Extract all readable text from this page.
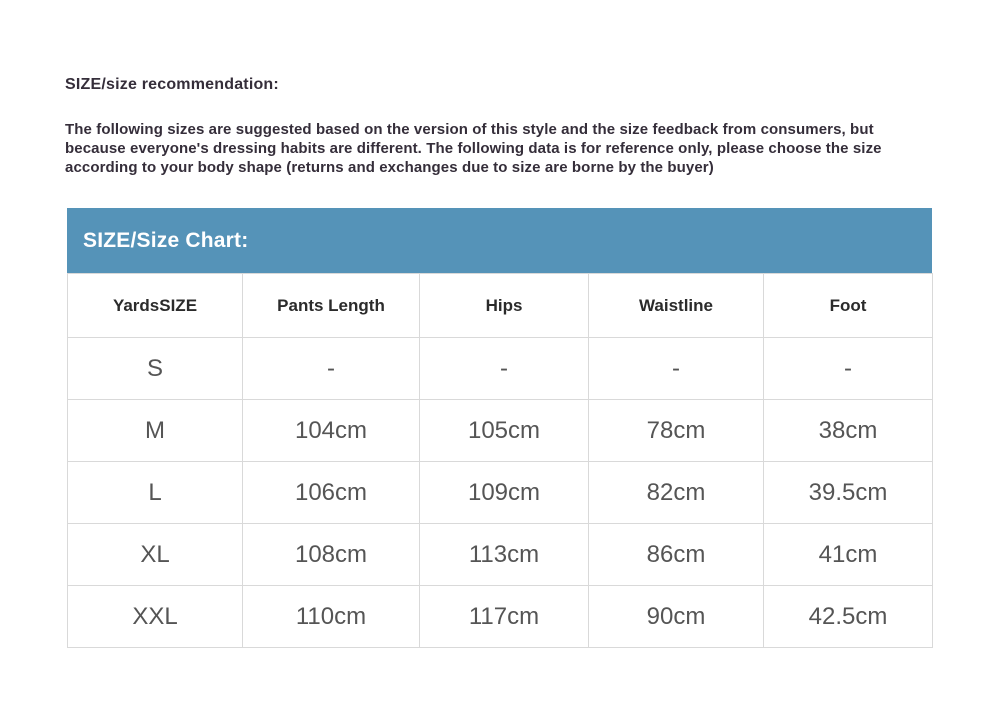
SIZE/size recommendation:
The following sizes are suggested based on the version of this style and the size feedback from consumers, but because everyone's dressing habits are different. The following data is for reference only, please choose the size according to your body shape (returns and exchanges due to size are borne by the buyer)
SIZE/Size Chart:
YardsSIZE	Pants Length	Hips	Waistline	Foot
S	-	-	-	-
M	104cm	105cm	78cm	38cm
L	106cm	109cm	82cm	39.5cm
XL	108cm	113cm	86cm	41cm
XXL	110cm	117cm	90cm	42.5cm
